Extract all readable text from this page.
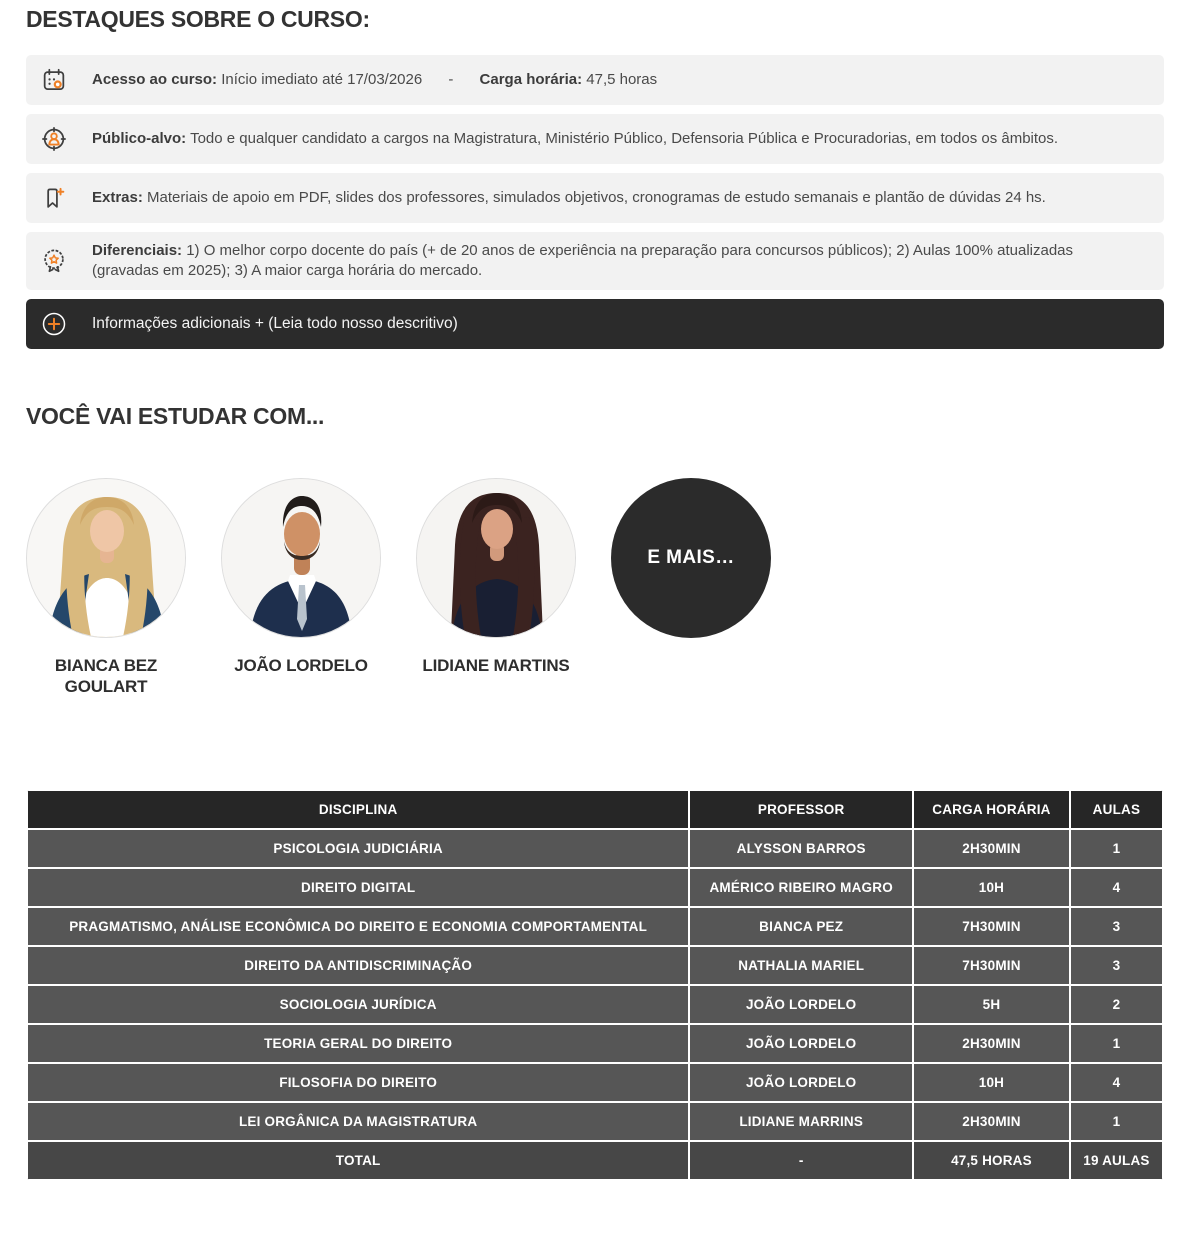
DESTAQUES SOBRE O CURSO:
Acesso ao curso: Início imediato até 17/03/2026 - Carga horária: 47,5 horas
Público-alvo: Todo e qualquer candidato a cargos na Magistratura, Ministério Público, Defensoria Pública e Procuradorias, em todos os âmbitos.
Extras: Materiais de apoio em PDF, slides dos professores, simulados objetivos, cronogramas de estudo semanais e plantão de dúvidas 24 hs.
Diferenciais: 1) O melhor corpo docente do país (+ de 20 anos de experiência na preparação para concursos públicos); 2) Aulas 100% atualizadas (gravadas em 2025); 3) A maior carga horária do mercado.
Informações adicionais + (Leia todo nosso descritivo)
VOCÊ VAI ESTUDAR COM...
BIANCA BEZ GOULART
JOÃO LORDELO	LIDIANE MARTINS
E MAIS…
DISCIPLINA	PROFESSOR	CARGA HORÁRIA	AULAS
PSICOLOGIA JUDICIÁRIA	ALYSSON BARROS	2H30MIN	1
DIREITO DIGITAL	AMÉRICO RIBEIRO MAGRO	10H	4
PRAGMATISMO, ANÁLISE ECONÔMICA DO DIREITO E ECONOMIA COMPORTAMENTAL	BIANCA PEZ	7H30MIN	3
DIREITO DA ANTIDISCRIMINAÇÃO	NATHALIA MARIEL	7H30MIN	3
SOCIOLOGIA JURÍDICA	JOÃO LORDELO	5H	2
TEORIA GERAL DO DIREITO	JOÃO LORDELO	2H30MIN	1
FILOSOFIA DO DIREITO	JOÃO LORDELO	10H	4
LEI ORGÂNICA DA MAGISTRATURA	LIDIANE MARRINS	2H30MIN	1
TOTAL	-	47,5 HORAS	19 AULAS
